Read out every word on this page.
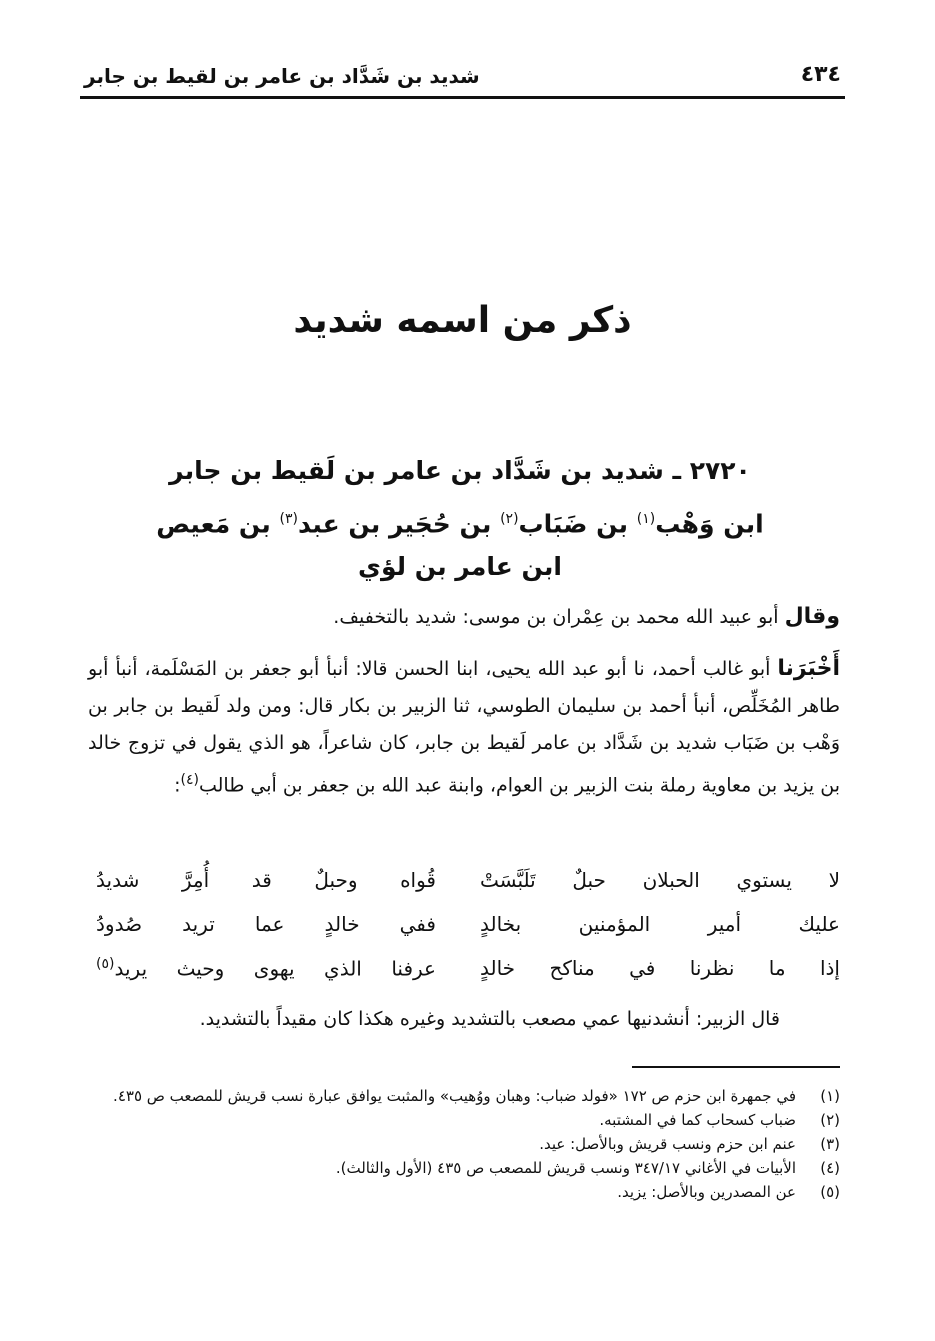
٤٣٤
شديد بن شَدَّاد بن عامر بن لقيط بن جابر
ذكر من اسمه شديد
٢٧٢٠ ـ شديد بن شَدَّاد بن عامر بن لَقيط بن جابر
ابن وَهْب$^{(١)}$ بن ضَبَاب$^{(٢)}$ بن حُجَير بن عبد$^{(٣)}$ بن مَعيص
ابن عامر بن لؤي
وقال أبو عبيد الله محمد بن عِمْران بن موسى: شديد بالتخفيف.
أَخْبَرَنا أبو غالب أحمد، نا أبو عبد الله يحيى، ابنا الحسن قالا: أنبأ أبو جعفر بن المَسْلَمة، أنبأ أبو طاهر المُخَلِّص، أنبأ أحمد بن سليمان الطوسي، ثنا الزبير بن بكار قال: ومن ولد لَقيط بن جابر بن وَهْب بن ضَبَاب شديد بن شَدَّاد بن عامر لَقيط بن جابر، كان شاعراً، هو الذي يقول في تزوج خالد بن يزيد بن معاوية رملة بنت الزبير بن العوام، وابنة عبد الله بن جعفر بن أبي طالب$^{(٤)}$:
لا يستوي الحبلان حبلٌ تَلَبَّسَتْ
قُواه وحبلٌ قد أُمِرَّ شديدُ
عليك أمير المؤمنين بخالدٍ
ففي خالدٍ عما تريد صُدودُ
إذا ما نظرنا في مناكح خالدٍ
عرفنا الذي يهوى وحيث يريد$^{(٥)}$
قال الزبير: أنشدنيها عمي مصعب بالتشديد وغيره هكذا كان مقيداً بالتشديد.
(١)
في جمهرة ابن حزم ص ١٧٢ «فولد ضباب: وهبان ووُهيب» والمثبت يوافق عبارة نسب قريش للمصعب ص ٤٣٥.
(٢)
ضباب كسحاب كما في المشتبه.
(٣)
عنم ابن حزم ونسب قريش وبالأصل: عيد.
(٤)
الأبيات في الأغاني ٣٤٧/١٧ ونسب قريش للمصعب ص ٤٣٥ (الأول والثالث).
(٥)
عن المصدرين وبالأصل: يزيد.
